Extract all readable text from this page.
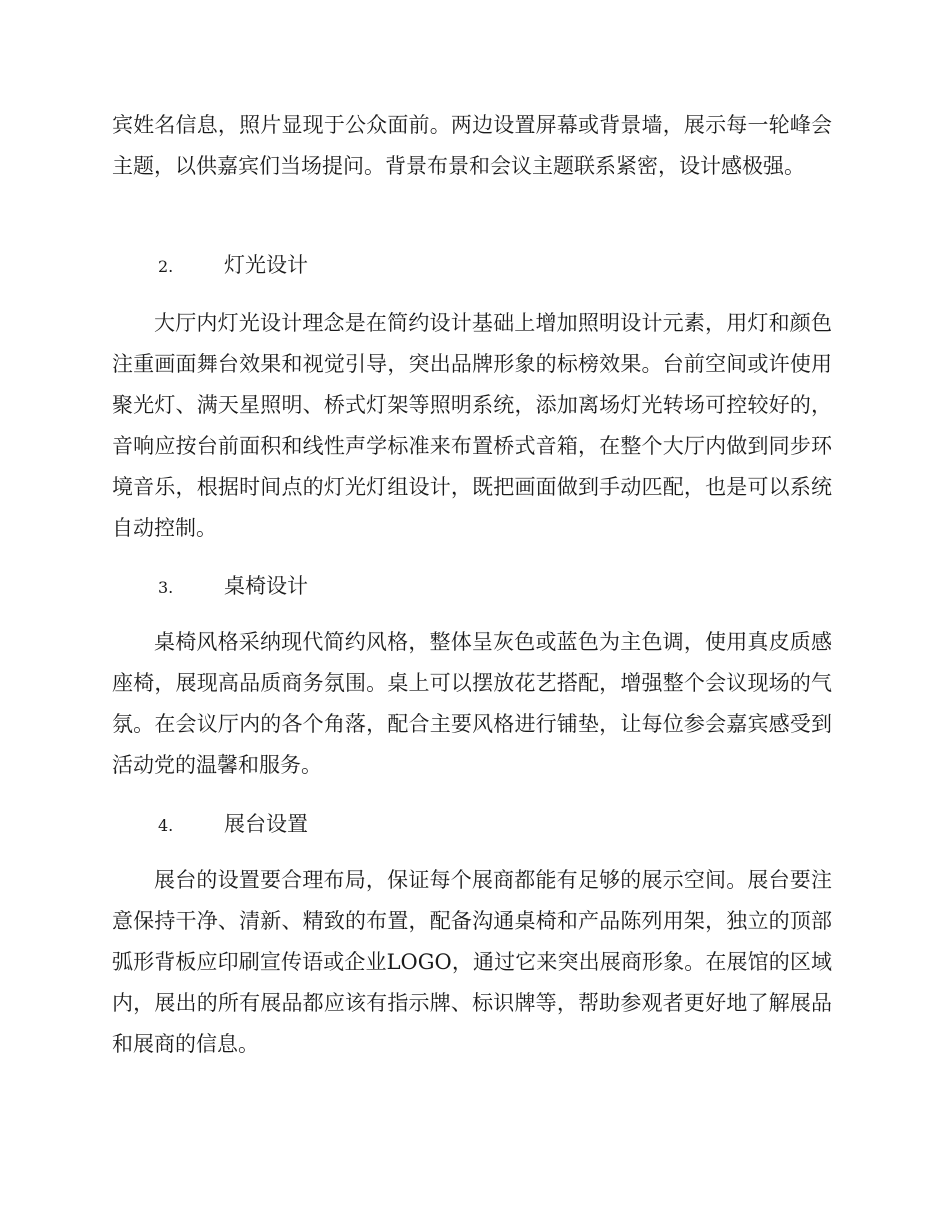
宾姓名信息，照片显现于公众面前。两边设置屏幕或背景墙，展示每一轮峰会主题，以供嘉宾们当场提问。背景布景和会议主题联系紧密，设计感极强。

2. 灯光设计

大厅内灯光设计理念是在简约设计基础上增加照明设计元素，用灯和颜色注重画面舞台效果和视觉引导，突出品牌形象的标榜效果。台前空间或许使用聚光灯、满天星照明、桥式灯架等照明系统，添加离场灯光转场可控较好的，音响应按台前面积和线性声学标准来布置桥式音箱，在整个大厅内做到同步环境音乐，根据时间点的灯光灯组设计，既把画面做到手动匹配，也是可以系统自动控制。

3. 桌椅设计

桌椅风格采纳现代简约风格，整体呈灰色或蓝色为主色调，使用真皮质感座椅，展现高品质商务氛围。桌上可以摆放花艺搭配，增强整个会议现场的气氛。在会议厅内的各个角落，配合主要风格进行铺垫，让每位参会嘉宾感受到活动党的温馨和服务。

4. 展台设置

展台的设置要合理布局，保证每个展商都能有足够的展示空间。展台要注意保持干净、清新、精致的布置，配备沟通桌椅和产品陈列用架，独立的顶部弧形背板应印刷宣传语或企业LOGO，通过它来突出展商形象。在展馆的区域内，展出的所有展品都应该有指示牌、标识牌等，帮助参观者更好地了解展品和展商的信息。
